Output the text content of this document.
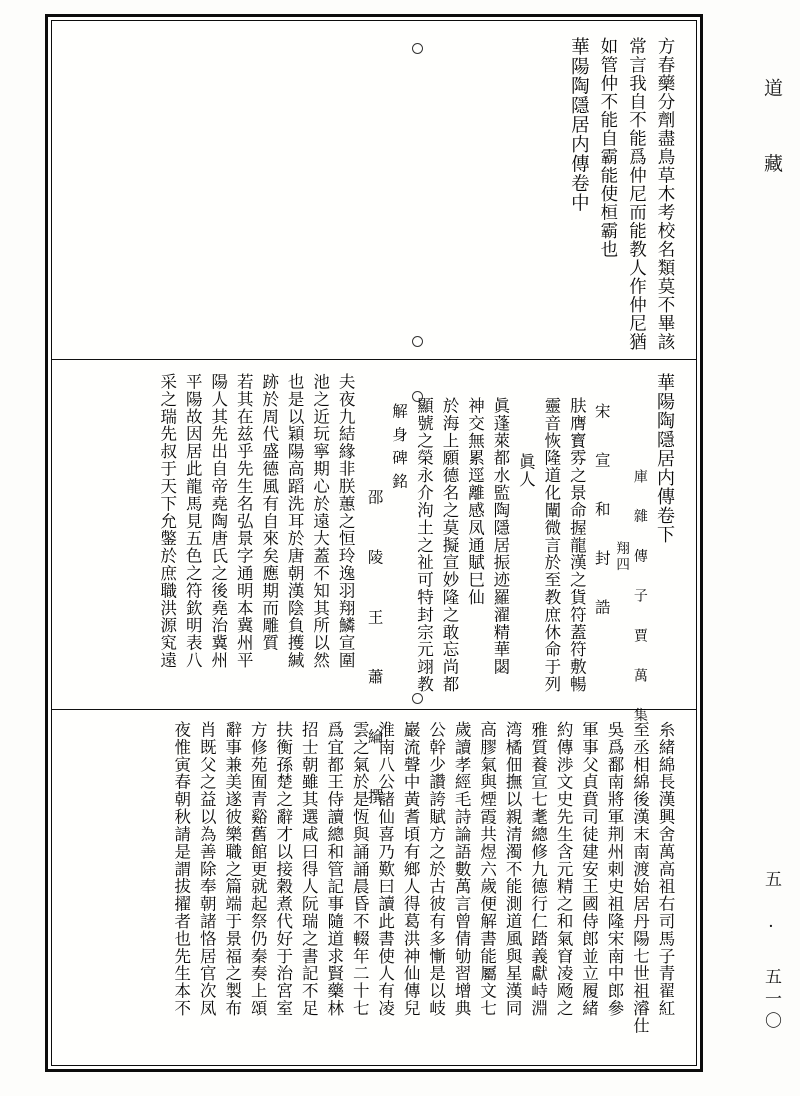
道 藏
五 · 五一〇
方春藥分劑盡鳥草木考校名類莫不畢該
常言我自不能爲仲尼而能教人作仲尼猶
如管仲不能自霸能使桓霸也
華陽陶隱居内傳卷中
華陽陶隱居内傳卷下
庫 雜 傳 子 賈 萬 集
翔四
宋 宣 和 封 誥
肤膺寳雰之景命握龍漢之貨符蓋符敷暢
靈音恢隆道化闡微言於至教庶休命于列
眞人
眞蓬萊都水監陶隱居振迹羅濯精華閟
神交無累逕離感凤通賦巳仙
於海上願德名之莫擬宣妙隆之敢忘尚都
顯號之榮永介泃土之祉可特封宗元翊教
解身碑銘
邵 陵 王 蕭 綸 撰
夫夜九結緣非朕蕙之恒玲逸羽翔鱗宣圍
池之近玩寧期心於遠大蓋不知其所以然
也是以穎陽高蹈洗耳於唐朝漢陰負擭緘
跡於周代盛德風有自來矣應期而雕質
若其在兹乎先生名弘景字通明本冀州平
陽人其先出自帝堯陶唐氏之後堯治冀州
平陽故因居此龍馬見五色之符欽明表八
采之瑞先叔于天下允鐅於庶職洪源䆒遠
糸緒綿長漢興舍萬高祖右司馬子青翟紅
至丞相綿後漢末南渡始居丹陽七世祖濬仕
吳爲鄱南將軍荆州刺史祖隆宋南中郎參
軍事父貞賁司徒建安王國侍郎並立履緒
約傳渉文史先生含元精之和氣窅凌飏之
雅質養宣七耄總修九德行仁踏義獻峙淵
湾橘佃撫以親清濁不能測道風與星漢同
高膠氣與煙霞共煜六歲便解書能屬文七
歲讀孝經毛詩論語數萬言曾倩劬習增典
公幹少讚誇賦方之於古彼有多慚是以岐
巖流聲中黃耆頃有鄉人得葛洪神仙傳兒
淮南八公諸仙喜乃歎曰讀此書使人有凌
雲之氣於是恆與誦誦晨昏不輟年二十七
爲宜都王侍讀總和管記事隨道求賢藥林
招士朝雖其選咸曰得人阮瑞之書記不足
扶衡孫楚之辭才以接穀煮代好于治宮室
方修苑囿青谿舊館更就起祭仍秦奏上頌
辭事兼美遂彼樂職之篇端于景福之製布
肖既父之益以為善除奉朝諸恪居官次凤
夜惟寅春朝秋請是謂拔擢者也先生本不
